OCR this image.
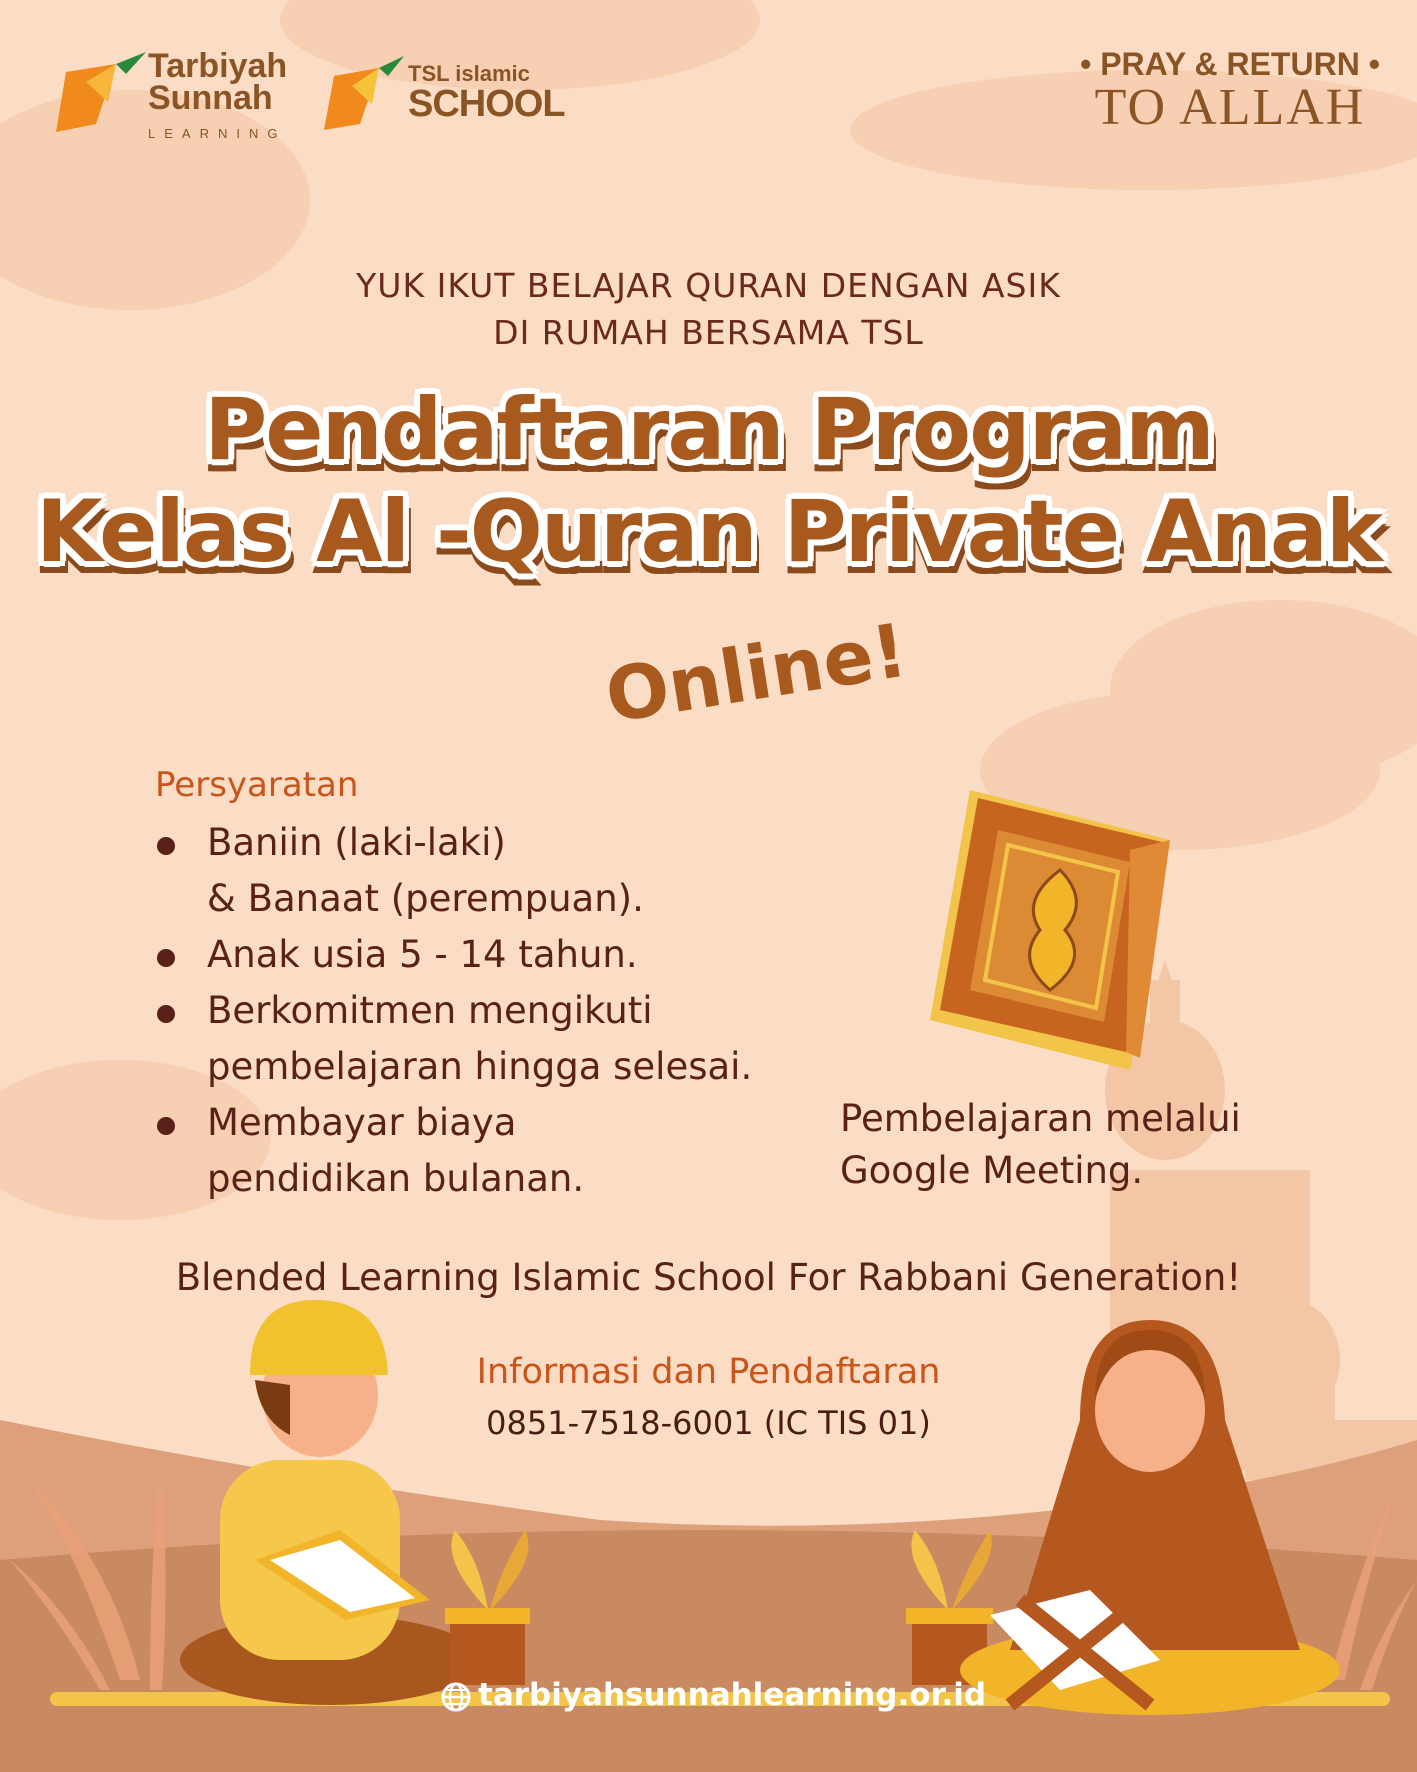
Tarbiyah
Sunnah
LEARNING
TSL islamic
SCHOOL
• PRAY & RETURN •
TO ALLAH
YUK IKUT BELAJAR QURAN DENGAN ASIK
DI RUMAH BERSAMA TSL
Pendaftaran Program
Kelas Al -Quran Private Anak
Online!
Persyaratan
Baniin (laki-laki)
& Banaat (perempuan).
Anak usia 5 - 14 tahun.
Berkomitmen mengikuti
pembelajaran hingga selesai.
Membayar biaya
pendidikan bulanan.
Pembelajaran melalui
Google Meeting.
Blended Learning Islamic School For Rabbani Generation!
Informasi dan Pendaftaran
0851-7518-6001 (IC TIS 01)
tarbiyahsunnahlearning.or.id
